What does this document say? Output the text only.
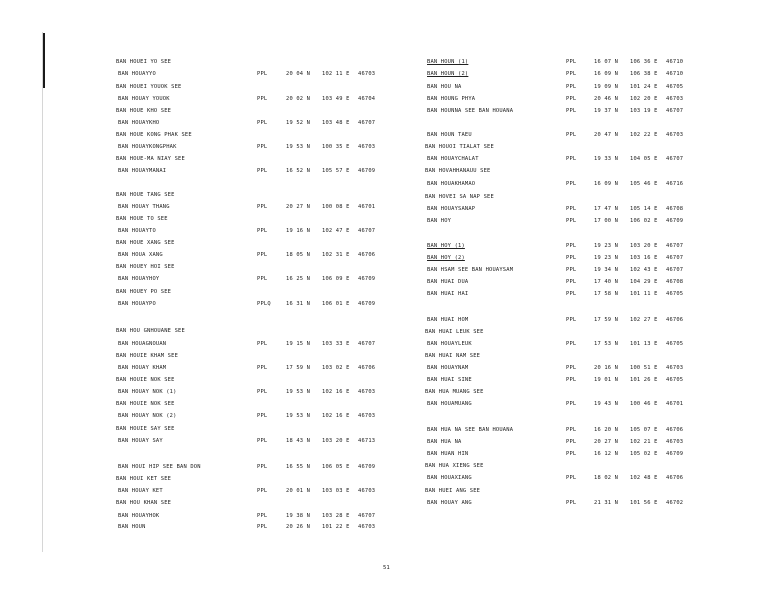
BAN HOUEI YO SEE
BAN HOUAYYO	PPL	20 04 N 102 11 E 46703
BAN HOUEI YOUOK SEE
BAN HOUAY YOUOK	PPL	20 02 N 103 49 E 46704
BAN HOUE KHO SEE
BAN HOUAYKHO	PPL	19 52 N 103 48 E 46707
BAN HOUE KONG PHAK SEE
BAN HOUAYKONGPHAK	PPL	19 53 N 100 35 E 46703
BAN HOUE-MA NIAY SEE
BAN HOUAYMANAI	PPL	16 52 N 105 57 E 46709
BAN HOUE TANG SEE
BAN HOUAY THANG	PPL	20 27 N 100 08 E 46701
BAN HOUE TO SEE
BAN HOUAYTO	PPL	19 16 N 102 47 E 46707
BAN HOUE XANG SEE
BAN HOUA XANG	PPL	18 05 N 102 31 E 46706
BAN HOUEY HOI SEE
BAN HOUAYHOY	PPL	16 25 N 106 09 E 46709
BAN HOUEY PO SEE
BAN HOUAYPO	PPLQ	16 31 N 106 01 E 46709
BAN HOU GNHOUANE SEE
BAN HOUAGNOUAN	PPL	19 15 N 103 33 E 46707
BAN HOUIE KHAM SEE
BAN HOUAY KHAM	PPL	17 59 N 103 02 E 46706
BAN HOUIE NOK SEE
BAN HOUAY NOK (1)	PPL	19 53 N 102 16 E 46703
BAN HOUIE NOK SEE
BAN HOUAY NOK (2)	PPL	19 53 N 102 16 E 46703
BAN HOUIE SAY SEE
BAN HOUAY SAY	PPL	18 43 N 103 20 E 46713
BAN HOUI HIP SEE BAN DON	PPL	16 55 N 106 05 E 46709
BAN HOUI KET SEE
BAN HOUAY KET	PPL	20 01 N 103 03 E 46703
BAN HOU KHAN SEE
BAN HOUAYHOK	PPL	19 38 N 103 28 E 46707
BAN HOUN	PPL	20 26 N 101 22 E 46703
BAN HOUN (1)	PPL	16 07 N 106 36 E 46710
BAN HOUN (2)	PPL	16 09 N 106 38 E 46710
BAN HOU NA	PPL	19 09 N 101 24 E 46705
BAN HOUNG PHYA	PPL	20 46 N 102 20 E 46703
BAN HOUNNA SEE BAN HOUANA	PPL	19 37 N 103 19 E 46707
BAN HOUN TAEU	PPL	20 47 N 102 22 E 46703
BAN HOUOI TIALAT SEE
BAN HOUAYCHALAT	PPL	19 33 N 104 05 E 46707
BAN HOVAHHANAUU SEE
BAN HOUAKHAMAO	PPL	16 09 N 105 46 E 46716
BAN HOVEI SA NAP SEE
BAN HOUAYSANAP	PPL	17 47 N 105 14 E 46708
BAN HOY	PPL	17 00 N 106 02 E 46709
BAN HOY (1)	PPL	19 23 N 103 20 E 46707
BAN HOY (2)	PPL	19 23 N 103 16 E 46707
BAN HSAM SEE BAN HOUAYSAM	PPL	19 34 N 102 43 E 46707
BAN HUAI DUA	PPL	17 40 N 104 29 E 46708
BAN HUAI HAI	PPL	17 58 N 101 11 E 46705
BAN HUAI HOM	PPL	17 59 N 102 27 E 46706
BAN HUAI LEUK SEE
BAN HOUAYLEUK	PPL	17 53 N 101 13 E 46705
BAN HUAI NAM SEE
BAN HOUAYNAM	PPL	20 16 N 100 51 E 46703
BAN HUAI SINE	PPL	19 01 N 101 26 E 46705
BAN HUA MUANG SEE
BAN HOUAMUANG	PPL	19 43 N 100 46 E 46701
BAN HUA NA SEE BAN HOUANA	PPL	16 20 N 105 07 E 46706
BAN HUA NA	PPL	20 27 N 102 21 E 46703
BAN HUAN HIN	PPL	16 12 N 105 02 E 46709
BAN HUA XIENG SEE
BAN HOUAXIANG	PPL	18 02 N 102 48 E 46706
BAN HUEI ANG SEE
BAN HOUAY ANG	PPL	21 31 N 101 56 E 46702
51
